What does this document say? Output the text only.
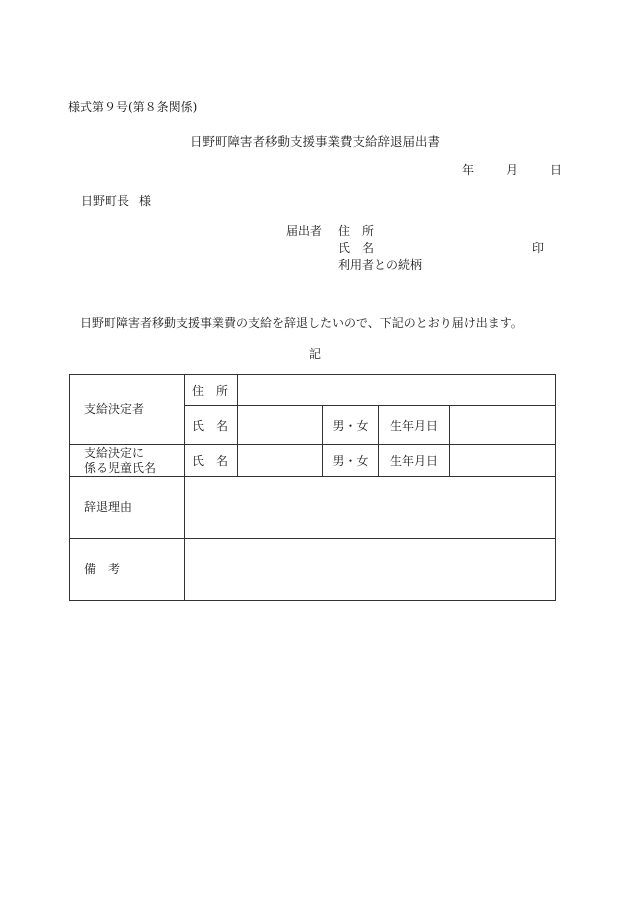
様式第９号(第８条関係)
日野町障害者移動支援事業費支給辞退届出書
年	月	日
日野町長 様
届出者 住　所
氏　名	印
利用者との続柄
日野町障害者移動支援事業費の支給を辞退したいので、下記のとおり届け出ます。
記
支給決定者	住　所				
	氏　名		男・女	生年月日	
支給決定に
係る児童氏名	氏　名		男・女	生年月日	
辞退理由					
備　考					
